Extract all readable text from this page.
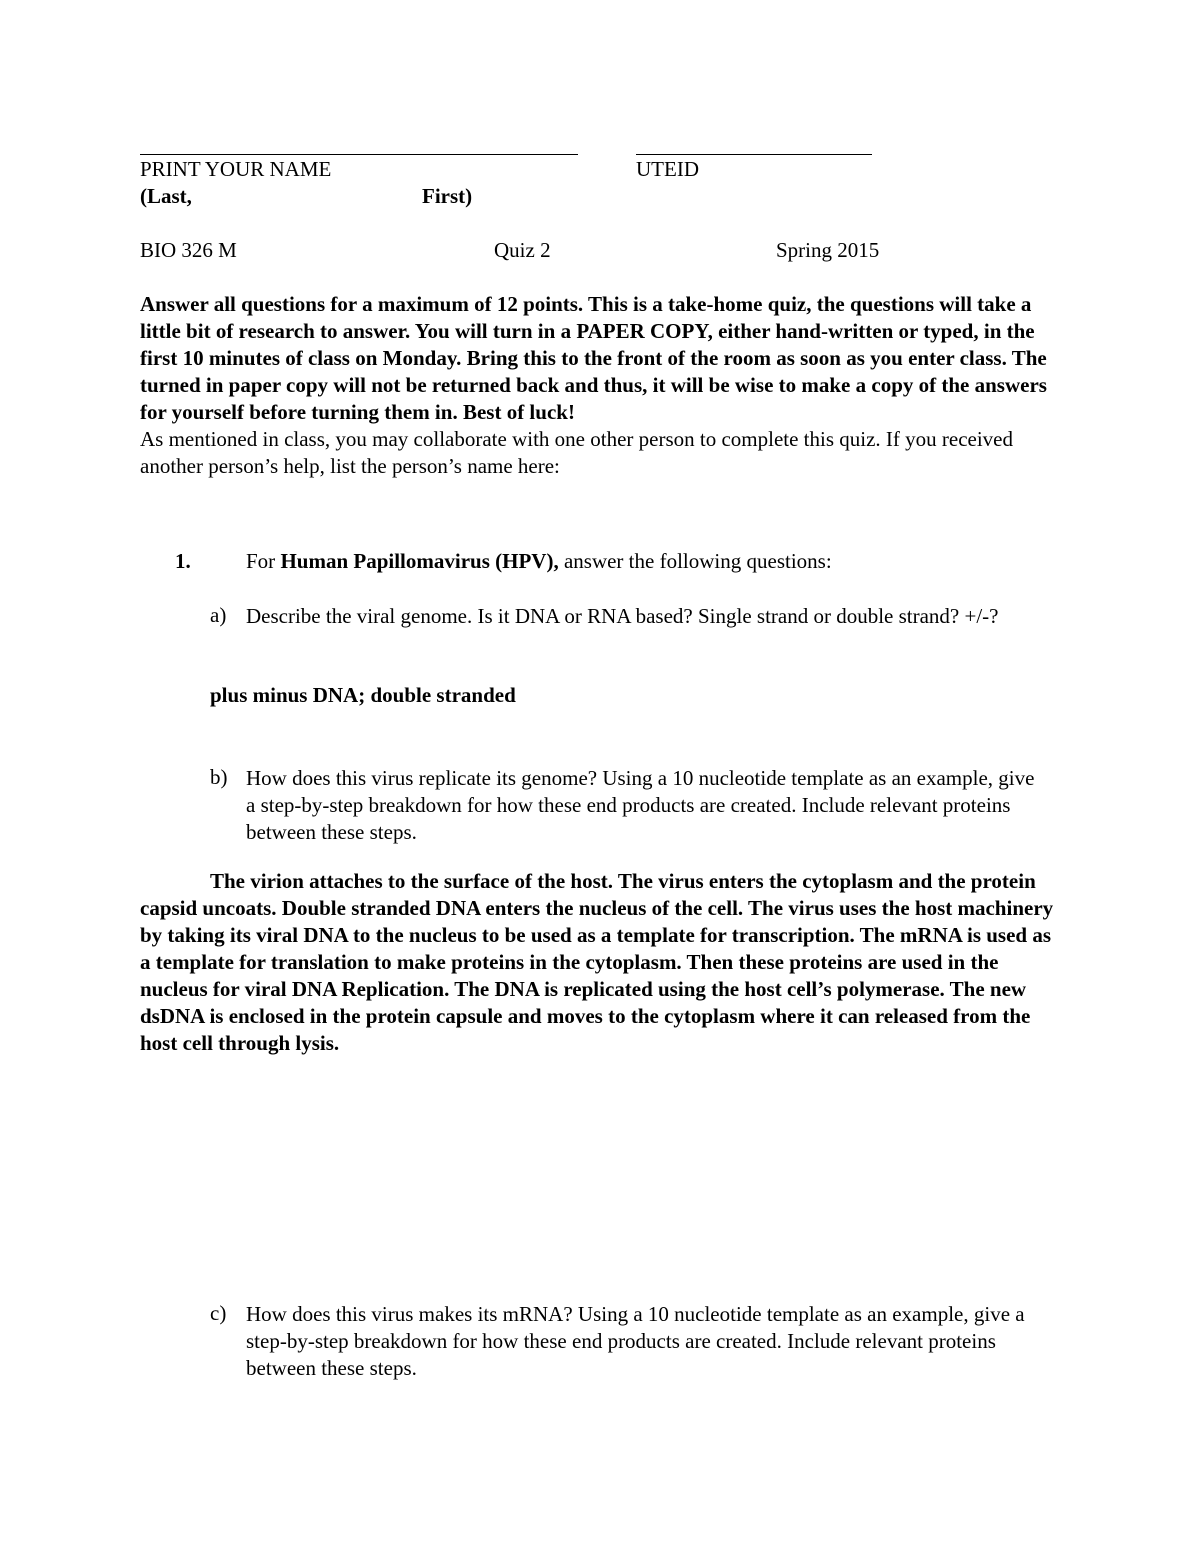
PRINT YOUR NAME	UTEID
(Last,	First)
BIO 326 M	Quiz 2	Spring 2015
Answer all questions for a maximum of 12 points. This is a take-home quiz, the questions will take a little bit of research to answer. You will turn in a PAPER COPY, either hand-written or typed, in the first 10 minutes of class on Monday. Bring this to the front of the room as soon as you enter class. The turned in paper copy will not be returned back and thus, it will be wise to make a copy of the answers for yourself before turning them in. Best of luck!
As mentioned in class, you may collaborate with one other person to complete this quiz. If you received another person’s help, list the person’s name here:
1.	For Human Papillomavirus (HPV), answer the following questions:
a) Describe the viral genome. Is it DNA or RNA based? Single strand or double strand? +/-?
plus minus DNA; double stranded
b) How does this virus replicate its genome? Using a 10 nucleotide template as an example, give a step-by-step breakdown for how these end products are created. Include relevant proteins between these steps.
The virion attaches to the surface of the host. The virus enters the cytoplasm and the protein capsid uncoats. Double stranded DNA enters the nucleus of the cell. The virus uses the host machinery by taking its viral DNA to the nucleus to be used as a template for transcription. The mRNA is used as a template for translation to make proteins in the cytoplasm. Then these proteins are used in the nucleus for viral DNA Replication. The DNA is replicated using the host cell’s polymerase. The new dsDNA is enclosed in the protein capsule and moves to the cytoplasm where it can released from the host cell through lysis.
c) How does this virus makes its mRNA? Using a 10 nucleotide template as an example, give a step-by-step breakdown for how these end products are created. Include relevant proteins between these steps.
